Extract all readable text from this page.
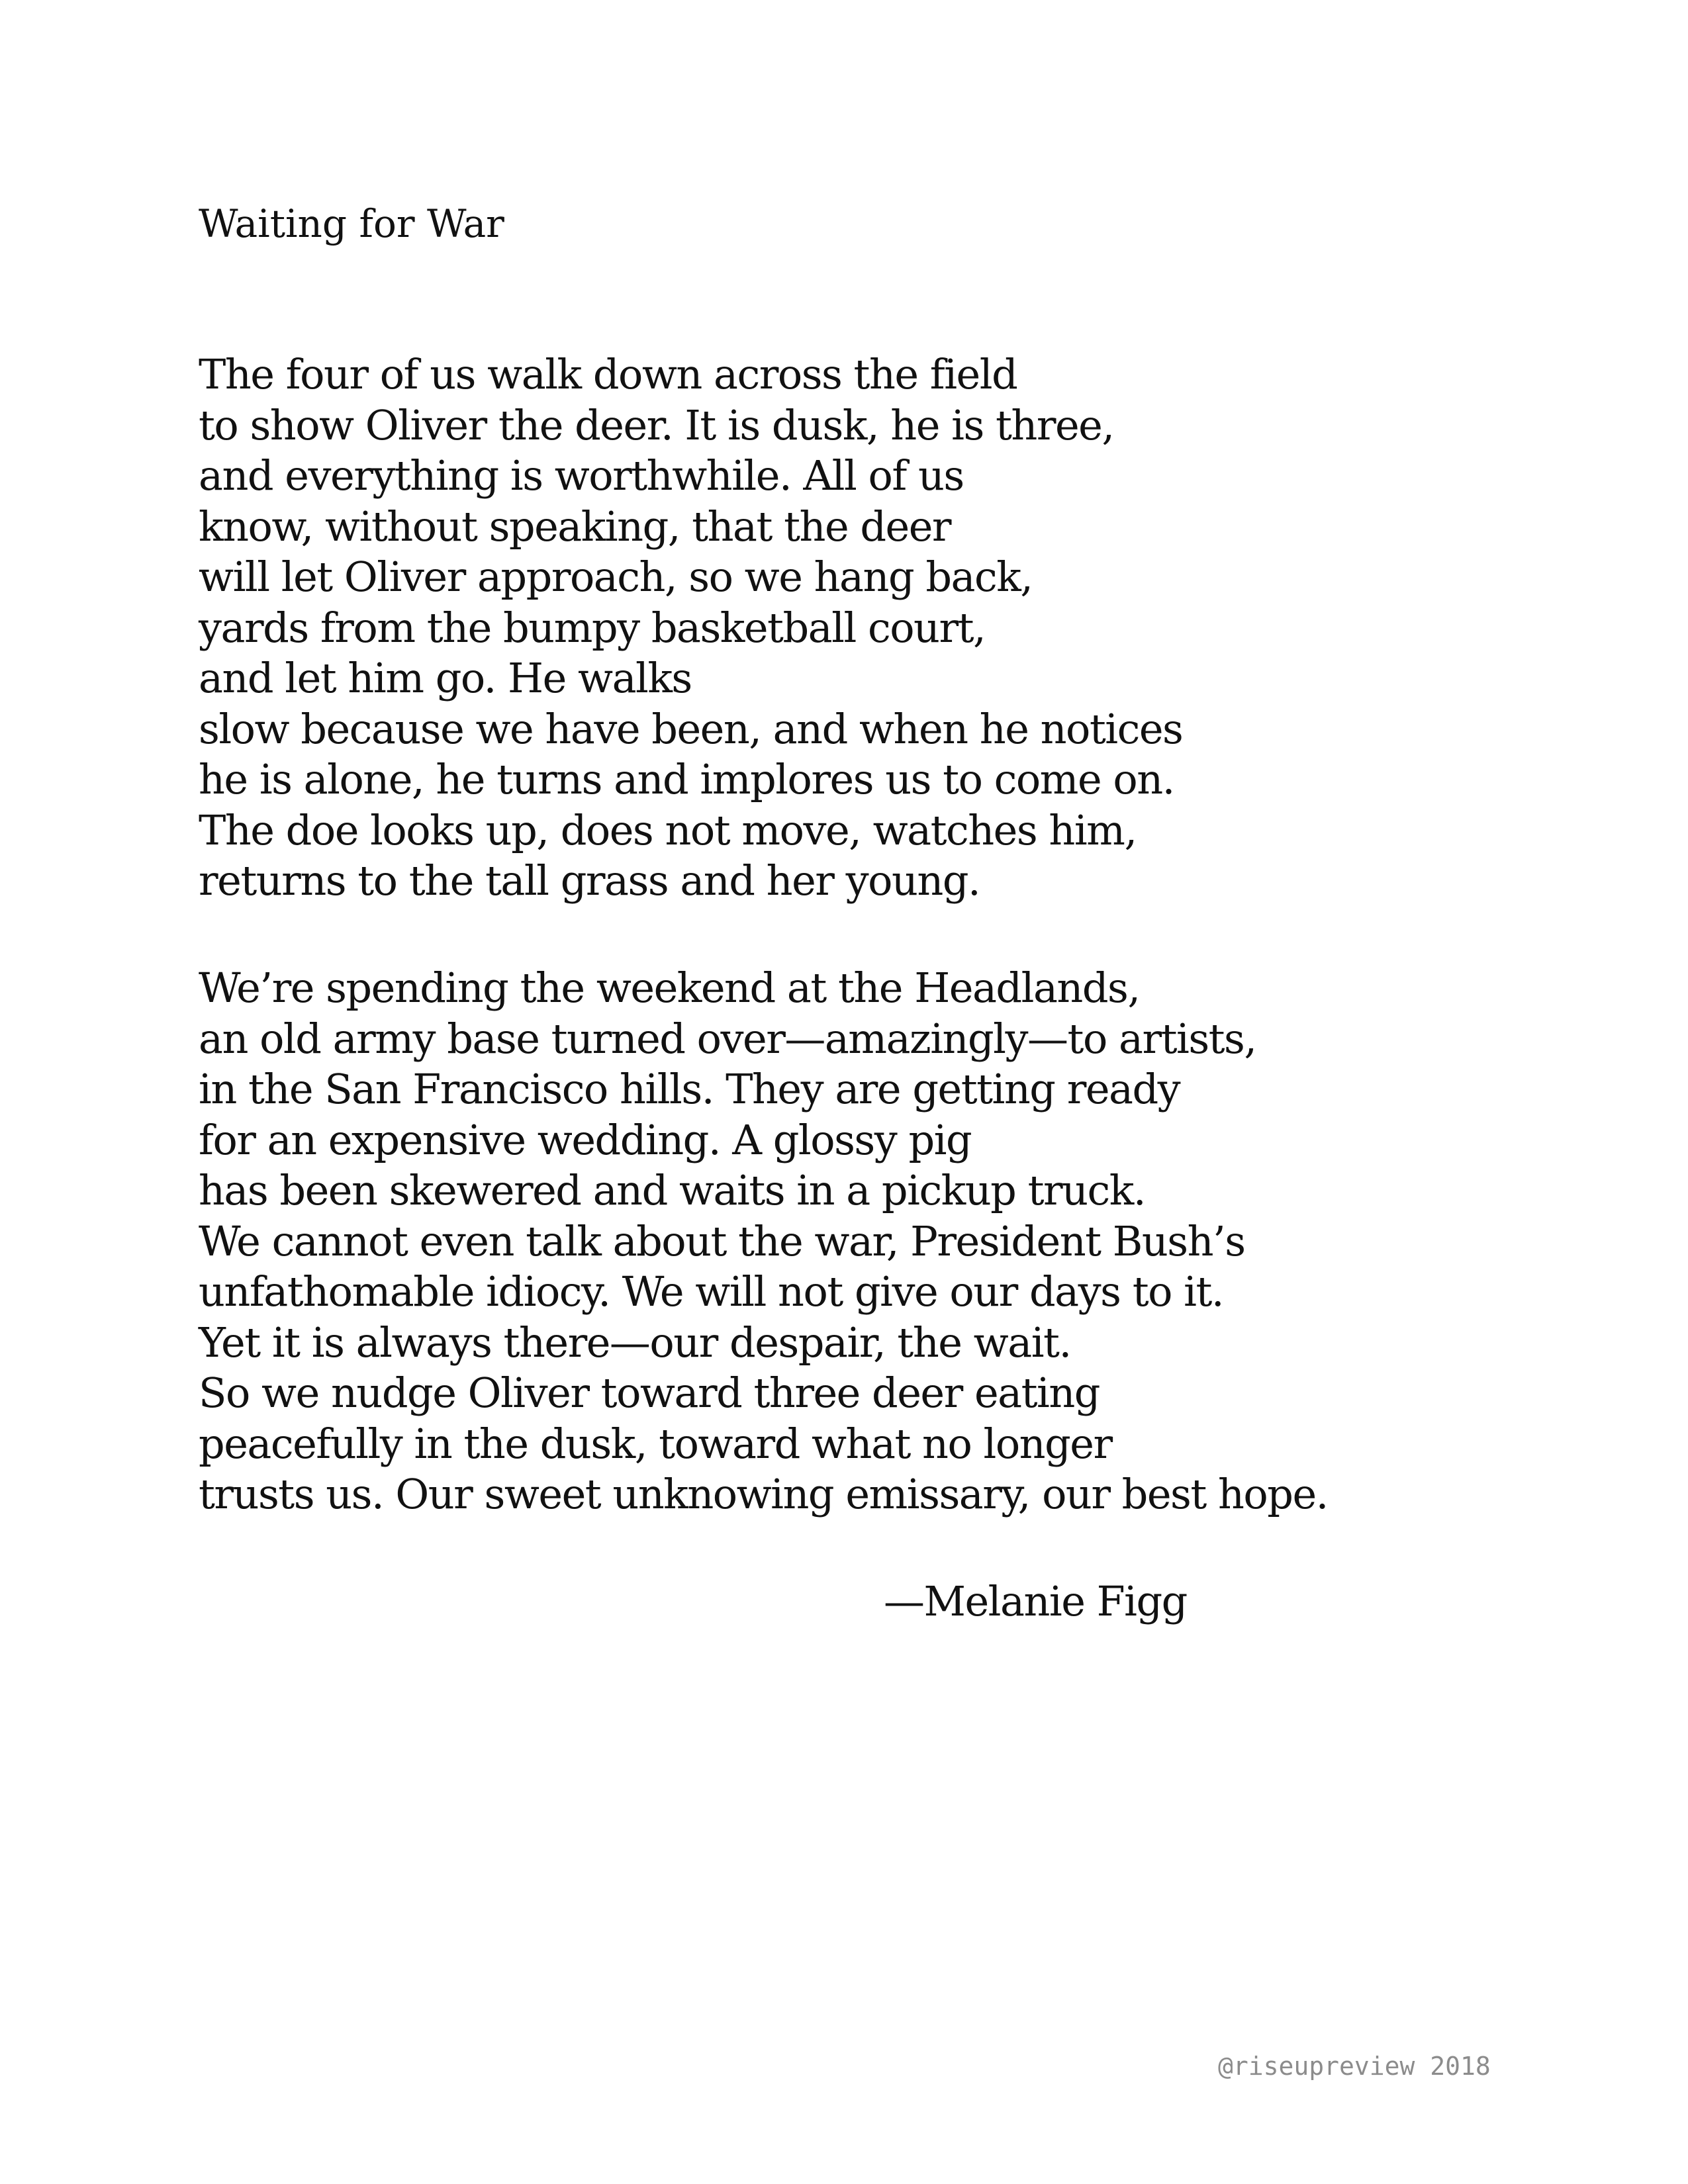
Waiting for War
The four of us walk down across the field
to show Oliver the deer. It is dusk, he is three,
and everything is worthwhile. All of us
know, without speaking, that the deer
will let Oliver approach, so we hang back,
yards from the bumpy basketball court,
and let him go. He walks
slow because we have been, and when he notices
he is alone, he turns and implores us to come on.
The doe looks up, does not move, watches him,
returns to the tall grass and her young.
We’re spending the weekend at the Headlands,
an old army base turned over—amazingly—to artists,
in the San Francisco hills. They are getting ready
for an expensive wedding. A glossy pig
has been skewered and waits in a pickup truck.
We cannot even talk about the war, President Bush’s
unfathomable idiocy. We will not give our days to it.
Yet it is always there—our despair, the wait.
So we nudge Oliver toward three deer eating
peacefully in the dusk, toward what no longer
trusts us. Our sweet unknowing emissary, our best hope.
—Melanie Figg
@riseupreview 2018
